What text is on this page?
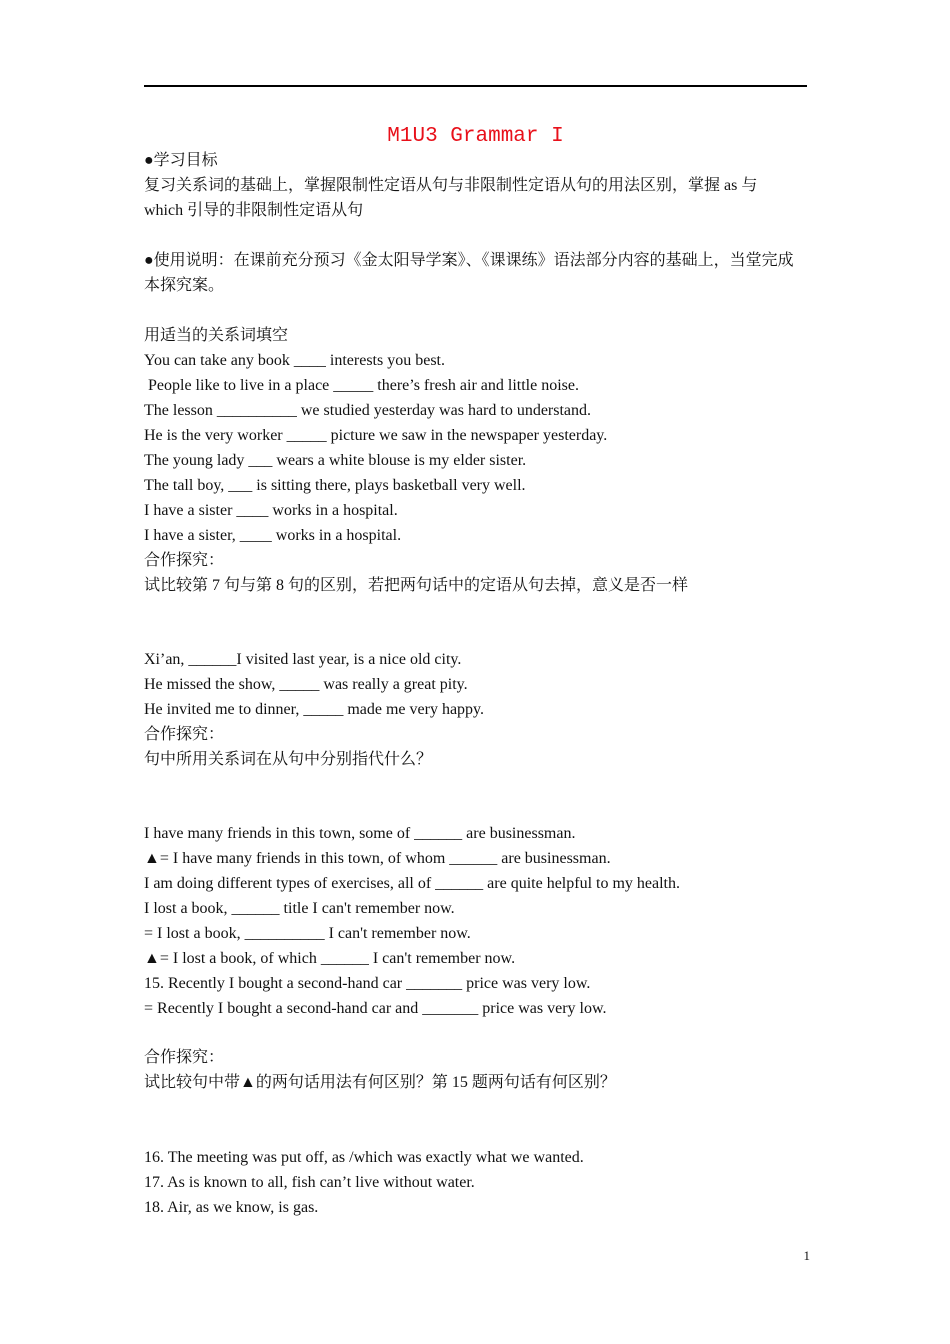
M1U3 Grammar I
●学习目标
复习关系词的基础上，掌握限制性定语从句与非限制性定语从句的用法区别，掌握 as 与
which 引导的非限制性定语从句
●使用说明：在课前充分预习《金太阳导学案》、《课课练》语法部分内容的基础上，当堂完成
本探究案。
用适当的关系词填空
You can take any book ____ interests you best.
People like to live in a place _____ there’s fresh air and little noise.
The lesson __________ we studied yesterday was hard to understand.
He is the very worker _____ picture we saw in the newspaper yesterday.
The young lady ___ wears a white blouse is my elder sister.
The tall boy, ___ is sitting there, plays basketball very well.
I have a sister ____ works in a hospital.
I have a sister, ____ works in a hospital.
合作探究：
试比较第 7 句与第 8 句的区别，若把两句话中的定语从句去掉，意义是否一样
Xi’an, ______I visited last year, is a nice old city.
He missed the show, _____ was really a great pity.
He invited me to dinner, _____ made me very happy.
合作探究：
句中所用关系词在从句中分别指代什么？
I have many friends in this town, some of ______ are businessman.
▲= I have many friends in this town, of whom ______ are businessman.
I am doing different types of exercises, all of ______ are quite helpful to my health.
I lost a book, ______ title I can't remember now.
= I lost a book, __________ I can't remember now.
▲= I lost a book, of which ______ I can't remember now.
15. Recently I bought a second-hand car _______ price was very low.
= Recently I bought a second-hand car and _______ price was very low.
合作探究：
试比较句中带▲的两句话用法有何区别？第 15 题两句话有何区别？
16. The meeting was put off, as /which was exactly what we wanted.
17. As is known to all, fish can’t live without water.
18. Air, as we know, is gas.
1
